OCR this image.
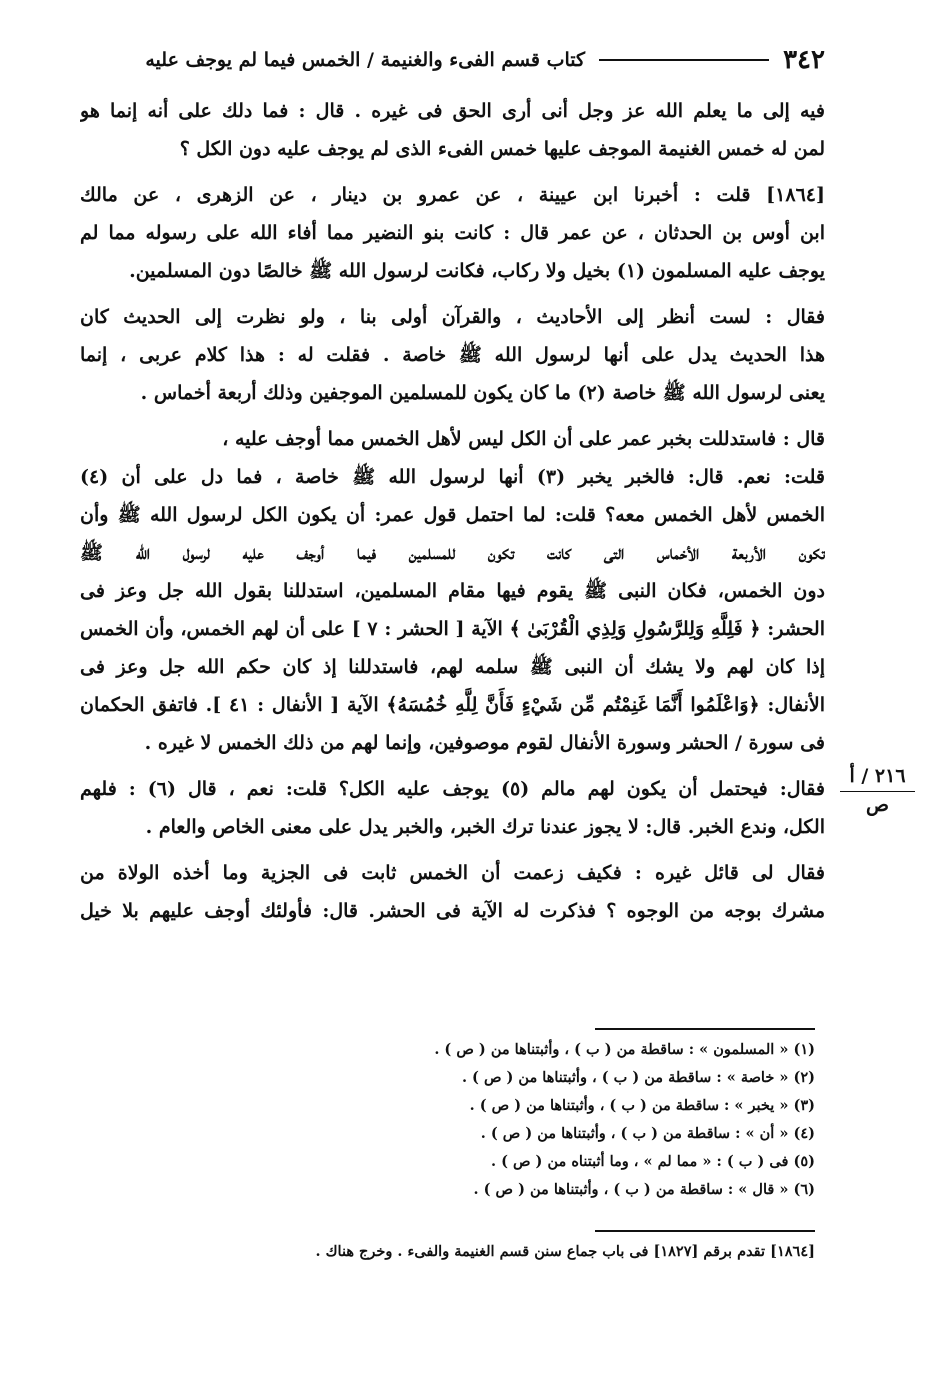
٣٤٢
كتاب قسم الفىء والغنيمة / الخمس فيما لم يوجف عليه
فيه إلى ما يعلم الله عز وجل أنى أرى الحق فى غيره . قال : فما دلك على أنه إنما هو
لمن له خمس الغنيمة الموجف عليها خمس الفىء الذى لم يوجف عليه دون الكل ؟
[١٨٦٤] قلت : أخبرنا ابن عيينة ، عن عمرو بن دينار ، عن الزهرى ، عن مالك
ابن أوس بن الحدثان ، عن عمر قال : كانت بنو النضير مما أفاء الله على رسوله مما لم
يوجف عليه المسلمون (١) بخيل ولا ركاب، فكانت لرسول الله ﷺ خالصًا دون المسلمين.
فقال : لست أنظر إلى الأحاديث ، والقرآن أولى بنا ، ولو نظرت إلى الحديث كان
هذا الحديث يدل على أنها لرسول الله ﷺ خاصة . فقلت له : هذا كلام عربى ، إنما
يعنى لرسول الله ﷺ خاصة (٢) ما كان يكون للمسلمين الموجفين وذلك أربعة أخماس .
قال : فاستدللت بخبر عمر على أن الكل ليس لأهل الخمس مما أوجف عليه ،
قلت: نعم. قال: فالخبر يخبر (٣) أنها لرسول الله ﷺ خاصة ، فما دل على أن (٤)
الخمس لأهل الخمس معه؟ قلت: لما احتمل قول عمر: أن يكون الكل لرسول الله ﷺ وأن
تكون الأربعة الأخماس التى كانت تكون للمسلمين فيما أوجف عليه لرسول الله ﷺ
دون الخمس، فكان النبى ﷺ يقوم فيها مقام المسلمين، استدللنا بقول الله جل وعز فى
الحشر: ﴿ فَلِلَّهِ وَلِلرَّسُولِ وَلِذِي الْقُرْبَىٰ ﴾ الآية [ الحشر : ٧ ] على أن لهم الخمس، وأن الخمس
إذا كان لهم ولا يشك أن النبى ﷺ سلمه لهم، فاستدللنا إذ كان حكم الله جل وعز فى
الأنفال: ﴿وَاعْلَمُوا أَنَّمَا غَنِمْتُم مِّن شَيْءٍ فَأَنَّ لِلَّهِ خُمُسَهُ﴾ الآية [ الأنفال : ٤١ ]. فاتفق الحكمان
فى سورة / الحشر وسورة الأنفال لقوم موصوفين، وإنما لهم من ذلك الخمس لا غيره .
فقال: فيحتمل أن يكون لهم مالم (٥) يوجف عليه الكل؟ قلت: نعم ، قال (٦) : فلهم
الكل، وندع الخبر. قال: لا يجوز عندنا ترك الخبر، والخبر يدل على معنى الخاص والعام .
فقال لى قائل غيره : فكيف زعمت أن الخمس ثابت فى الجزية وما أخذه الولاة من
مشرك بوجه من الوجوه ؟ فذكرت له الآية فى الحشر. قال: فأولئك أوجف عليهم بلا خيل
٢١٦ / أ
ص
(١) « المسلمون » : ساقطة من ( ب ) ، وأثبتناها من ( ص ) .
(٢) « خاصة » : ساقطة من ( ب ) ، وأثبتناها من ( ص ) .
(٣) « يخبر » : ساقطة من ( ب ) ، وأثبتناها من ( ص ) .
(٤) « أن » : ساقطة من ( ب ) ، وأثبتناها من ( ص ) .
(٥) فى ( ب ) : « مما لم » ، وما أثبتناه من ( ص ) .
(٦) « قال » : ساقطة من ( ب ) ، وأثبتناها من ( ص ) .
[١٨٦٤] تقدم برقم [١٨٢٧] فى باب جماع سنن قسم الغنيمة والفىء . وخرج هناك .
